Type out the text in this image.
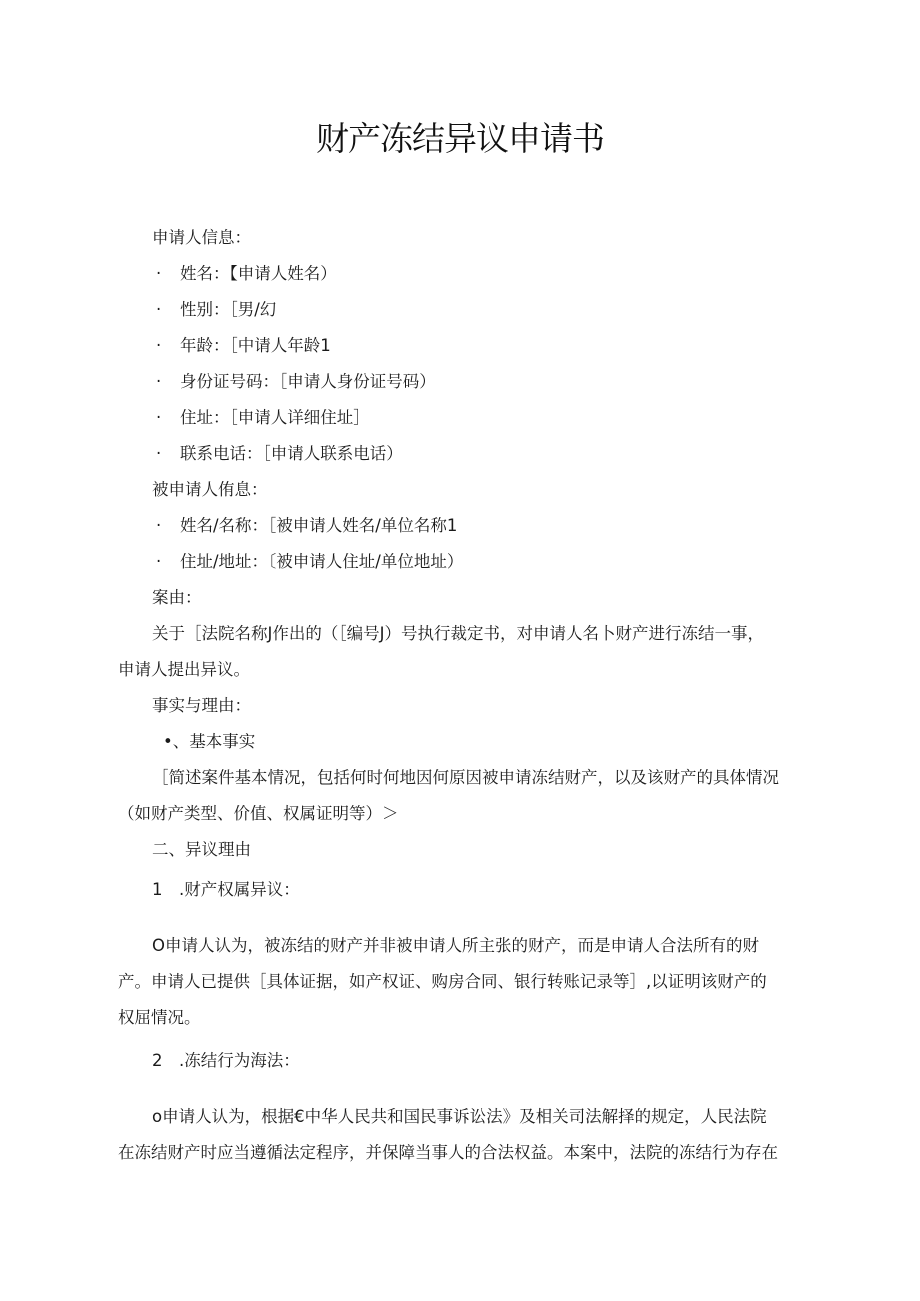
财产冻结异议申请书
申请人信息：
· 姓名：【申请人姓名）
· 性别：［男/幻
· 年龄：［中请人年龄1
· 身份证号码：［申请人身份证号码）
· 住址：［申请人详细住址］
· 联系电话：［申请人联系电话）
被申请人侑息：
· 姓名/名称：［被申请人姓名/单位名称1
· 住址/地址：〔被申请人住址/单位地址）
案由：
关于［法院名称J作出的（［编号J）号执行裁定书，对申请人名卜财产进行冻结一事，
申请人提出异议。
事实与理由：
•、基本事实
［简述案件基本情况，包括何时何地因何原因被申请冻结财产，以及该财产的具体情况
（如财产类型、价值、权属证明等）＞
二、异议理由
1　.财产权属异议：
O申请人认为，被冻结的财产并非被申请人所主张的财产，而是申请人合法所有的财
产。申请人已提供［具体证据，如产权证、购房合同、银行转账记录等］,以证明该财产的
权屈情况。
2　.冻结行为海法：
o申请人认为，根据€中华人民共和国民事诉讼法》及相关司法解择的规定，人民法院
在冻结财产时应当遵循法定程序，并保障当事人的合法权益。本案中，法院的冻结行为存在
